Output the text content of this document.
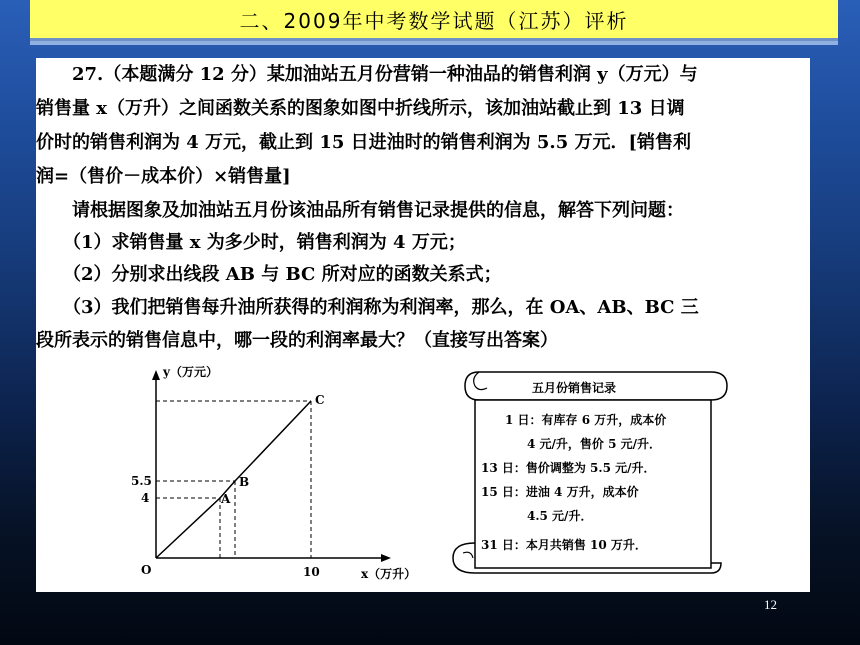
二、2009年中考数学试题（江苏）评析
　　27.（本题满分 12 分）某加油站五月份营销一种油品的销售利润 y（万元）与
销售量 x（万升）之间函数关系的图象如图中折线所示，该加油站截止到 13 日调
价时的销售利润为 4 万元，截止到 15 日进油时的销售利润为 5.5 万元．[销售利
润=（售价－成本价）×销售量]
　　请根据图象及加油站五月份该油品所有销售记录提供的信息，解答下列问题：
　　（1）求销售量 x 为多少时，销售利润为 4 万元；
　　（2）分别求出线段 AB 与 BC 所对应的函数关系式；
　　（3）我们把销售每升油所获得的利润称为利润率，那么，在 OA、AB、BC 三
段所表示的销售信息中，哪一段的利润率最大？（直接写出答案）
y（万元）
x（万升）
O	10
5.5
4
C
B
A
五月份销售记录
1 日：有库存 6 万升，成本价
4 元/升，售价 5 元/升．
13 日：售价调整为 5.5 元/升．
15 日：进油 4 万升，成本价
4.5 元/升．
31 日：本月共销售 10 万升．
12
